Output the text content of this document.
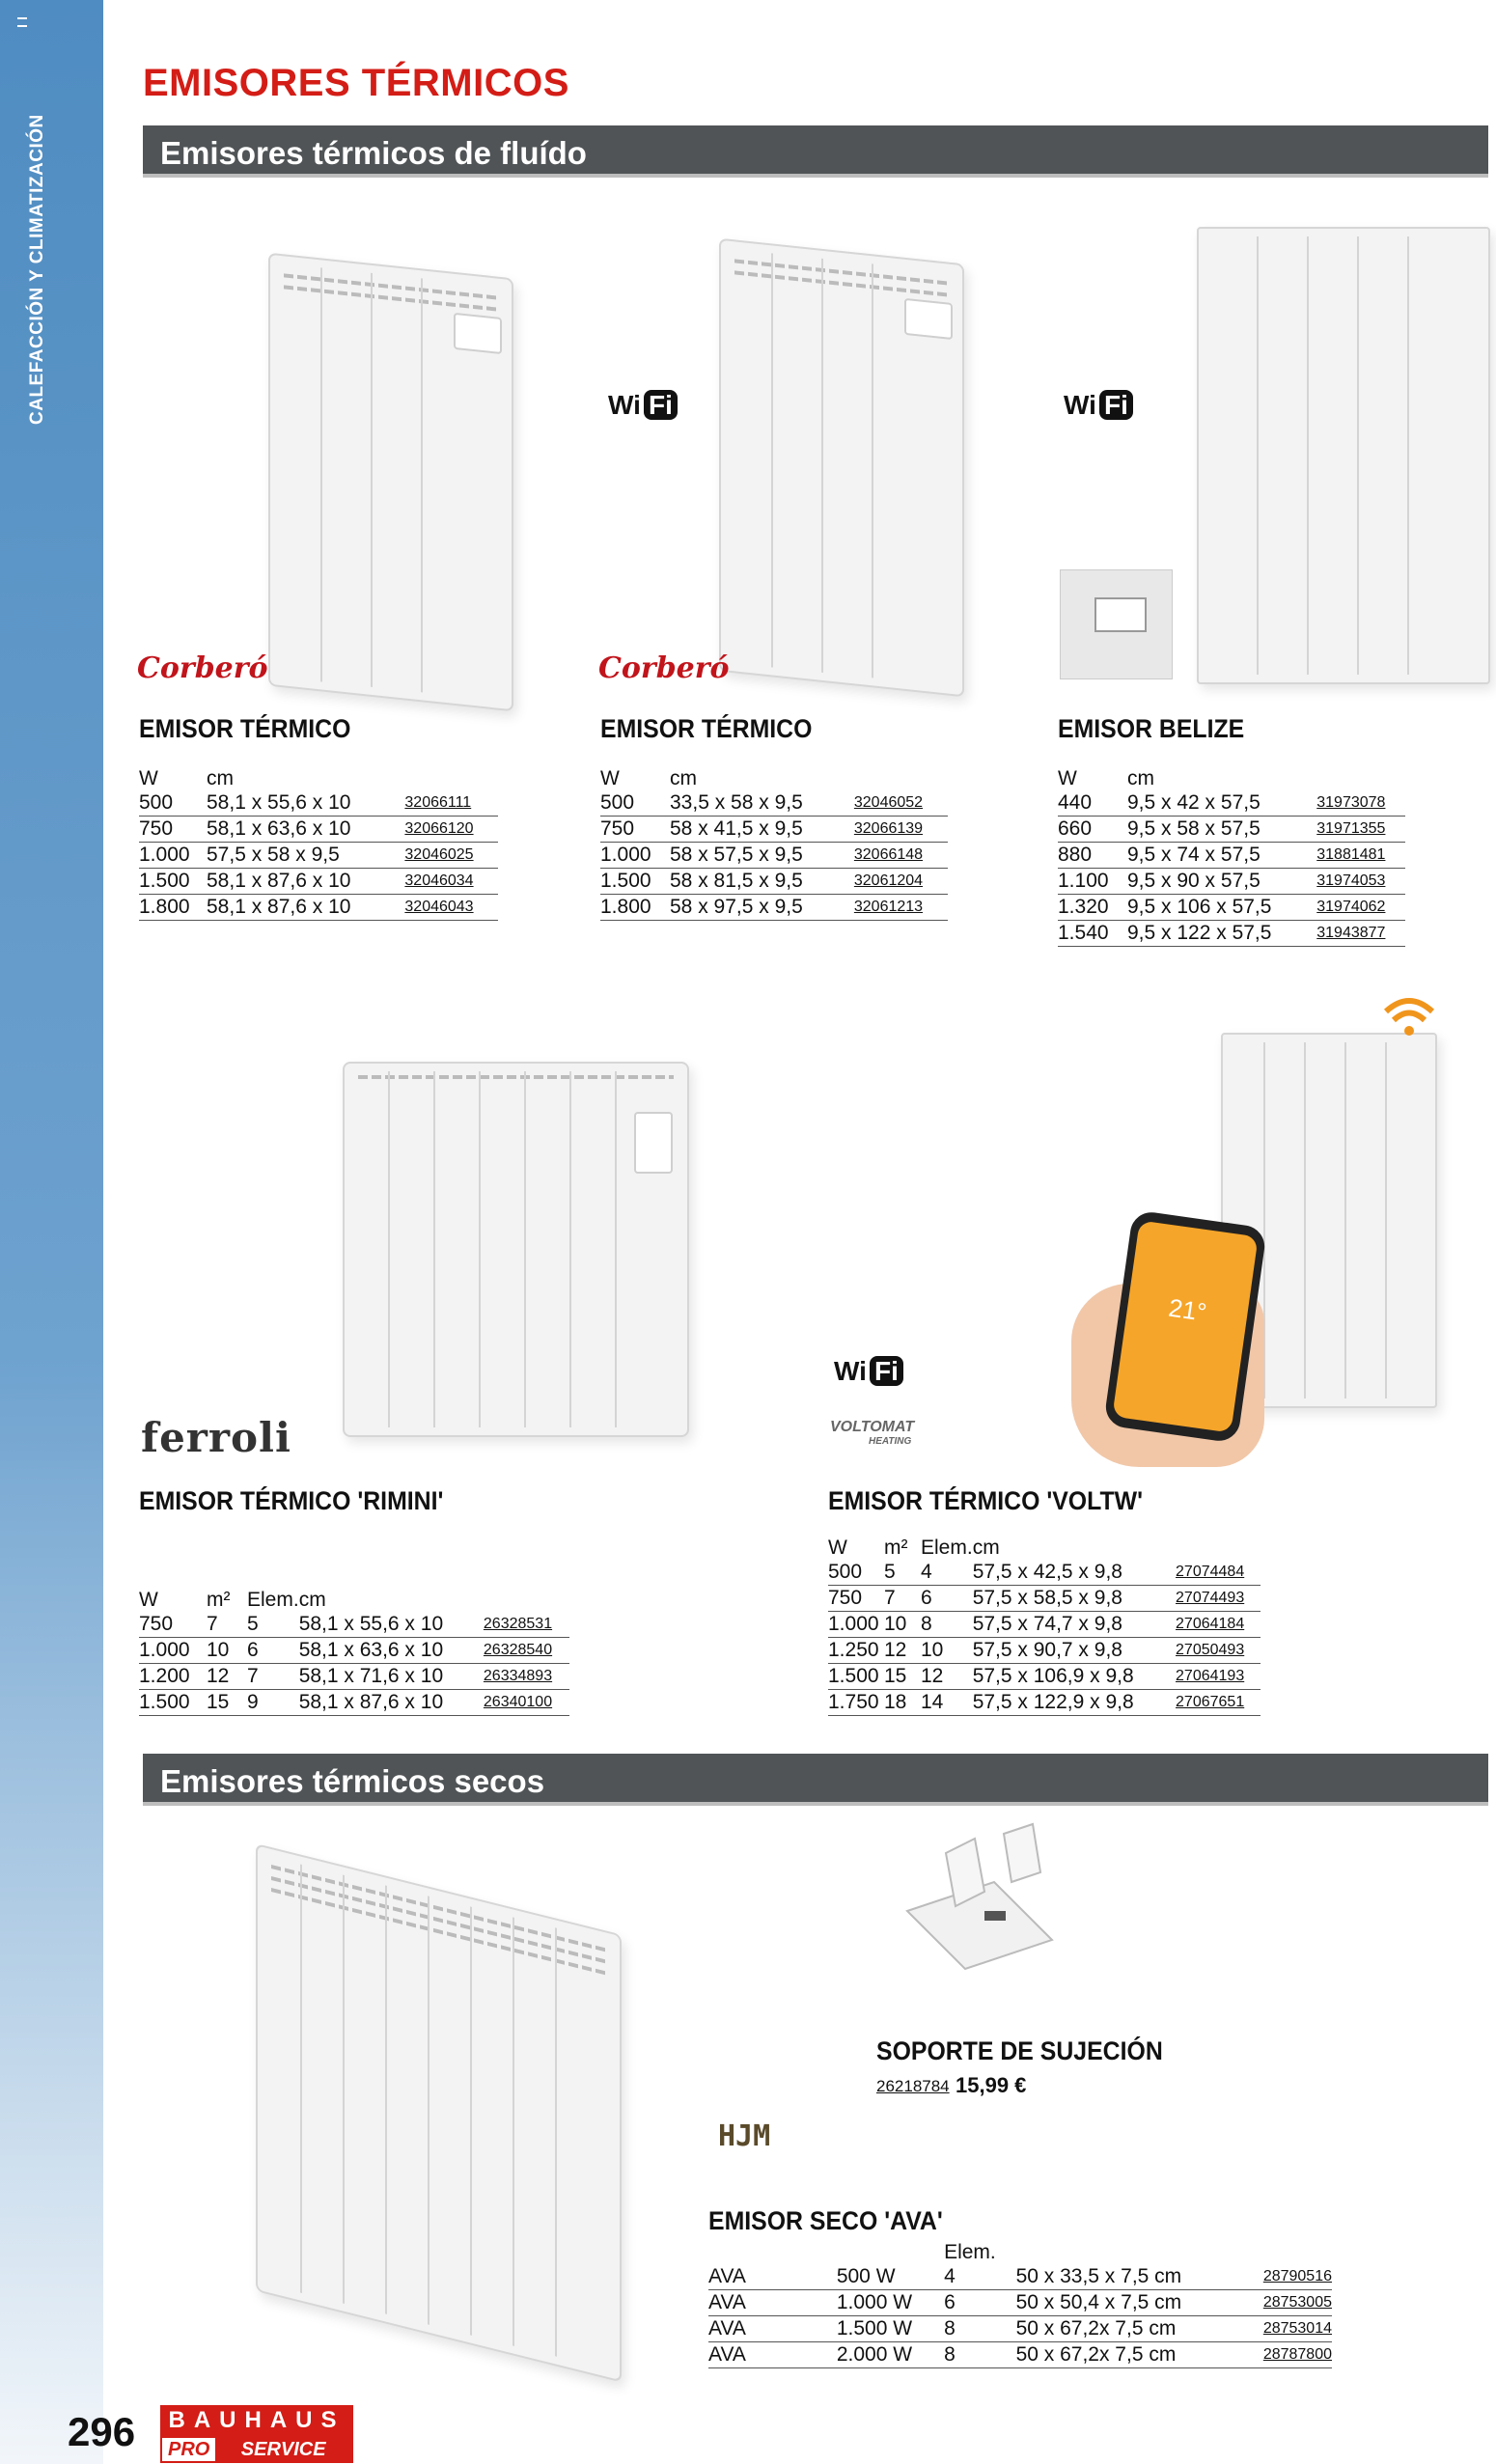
CALEFACCIÓN Y CLIMATIZACIÓN
EMISORES TÉRMICOS
Emisores térmicos de fluído
Corberó
Wi Fi
Corberó
Wi Fi
EMISOR TÉRMICO
W	cm	
500	58,1 x 55,6 x 10	32066111
750	58,1 x 63,6 x 10	32066120
1.000	57,5 x 58 x 9,5	32046025
1.500	58,1 x 87,6 x 10	32046034
1.800	58,1 x 87,6 x 10	32046043
EMISOR TÉRMICO
W	cm	
500	33,5 x 58 x 9,5	32046052
750	58 x 41,5 x 9,5	32066139
1.000	58 x 57,5 x 9,5	32066148
1.500	58 x 81,5 x 9,5	32061204
1.800	58 x 97,5 x 9,5	32061213
EMISOR BELIZE
W	cm	
440	9,5 x 42 x 57,5	31973078
660	9,5 x 58 x 57,5	31971355
880	9,5 x 74 x 57,5	31881481
1.100	9,5 x 90 x 57,5	31974053
1.320	9,5 x 106 x 57,5	31974062
1.540	9,5 x 122 x 57,5	31943877
ferroli
21°
Wi Fi
VOLTOMAT
HEATING
EMISOR TÉRMICO 'RIMINI'
W	m²	Elem.	cm	
750	7	5	58,1 x 55,6 x 10	26328531
1.000	10	6	58,1 x 63,6 x 10	26328540
1.200	12	7	58,1 x 71,6 x 10	26334893
1.500	15	9	58,1 x 87,6 x 10	26340100
EMISOR TÉRMICO 'VOLTW'
W	m²	Elem.	cm	
500	5	4	57,5 x 42,5 x 9,8	27074484
750	7	6	57,5 x 58,5 x 9,8	27074493
1.000	10	8	57,5 x 74,7 x 9,8	27064184
1.250	12	10	57,5 x 90,7 x 9,8	27050493
1.500	15	12	57,5 x 106,9 x 9,8	27064193
1.750	18	14	57,5 x 122,9 x 9,8	27067651
Emisores térmicos secos
HJM
SOPORTE DE SUJECIÓN
26218784 15,99 €
EMISOR SECO 'AVA'
		Elem.		
AVA	500 W	4	50 x 33,5 x 7,5 cm	28790516
AVA	1.000 W	6	50 x 50,4 x 7,5 cm	28753005
AVA	1.500 W	8	50 x 67,2x 7,5 cm	28753014
AVA	2.000 W	8	50 x 67,2x 7,5 cm	28787800
296	BAUHAUS
PRO	SERVICE
